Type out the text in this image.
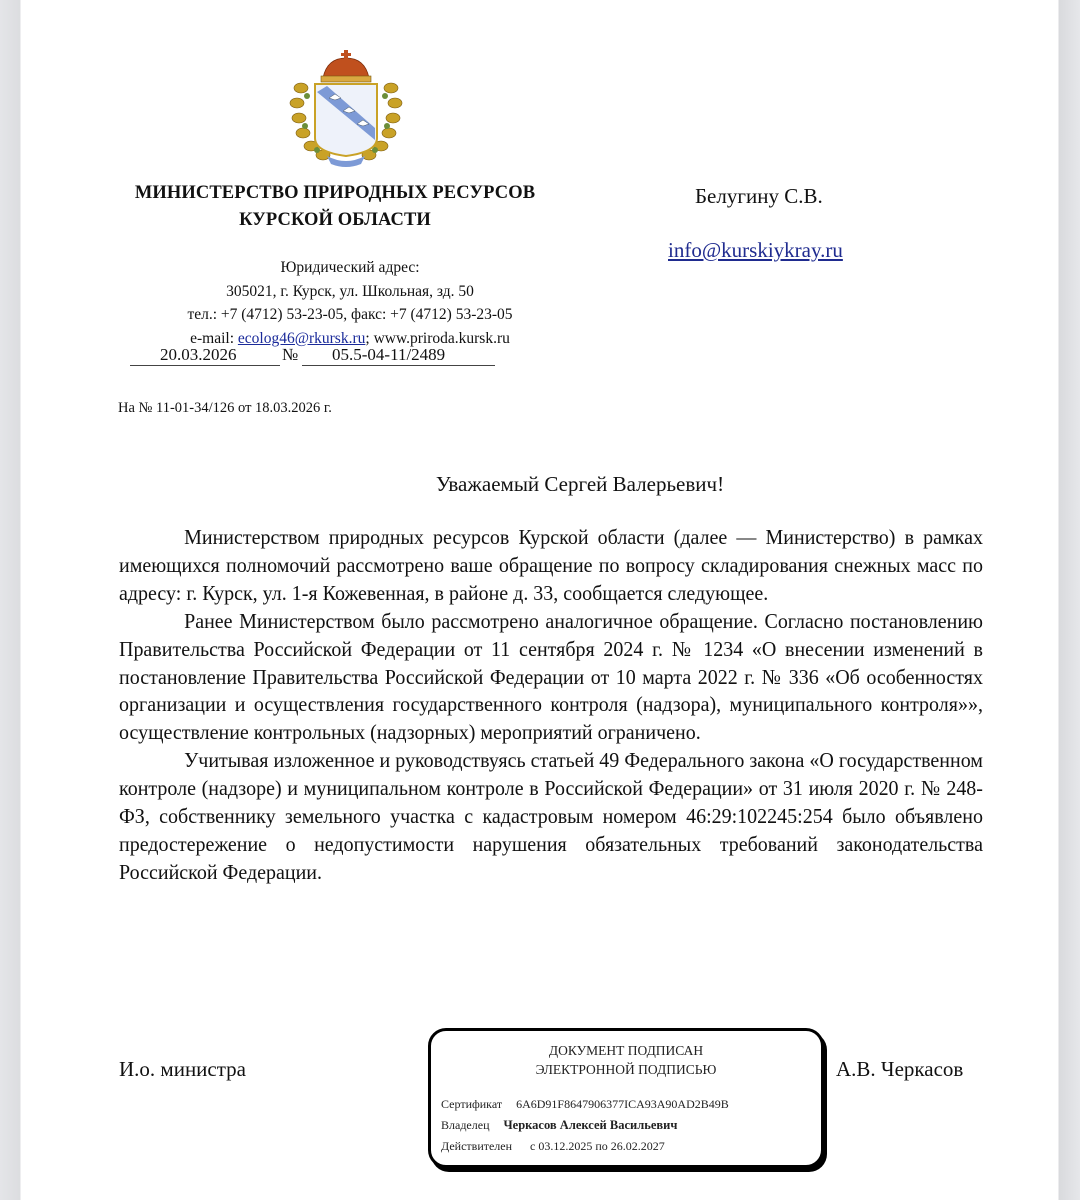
МИНИСТЕРСТВО ПРИРОДНЫХ РЕСУРСОВ
КУРСКОЙ ОБЛАСТИ
Юридический адрес:
305021, г. Курск, ул. Школьная, зд. 50
тел.: +7 (4712) 53-23-05, факс: +7 (4712) 53-23-05
e-mail: ecolog46@rkursk.ru; www.priroda.kursk.ru
20.03.2026	№ 05.5-04-11/2489
На № 11-01-34/126 от 18.03.2026 г.
Белугину С.В.
info@kurskiykray.ru
Уважаемый Сергей Валерьевич!

Министерством природных ресурсов Курской области (далее — Министерство) в рамках имеющихся полномочий рассмотрено ваше обращение по вопросу складирования снежных масс по адресу: г. Курск, ул. 1-я Кожевенная, в районе д. 33, сообщается следующее.

Ранее Министерством было рассмотрено аналогичное обращение. Согласно постановлению Правительства Российской Федерации от 11 сентября 2024 г. № 1234 «О внесении изменений в постановление Правительства Российской Федерации от 10 марта 2022 г. № 336 «Об особенностях организации и осуществления государственного контроля (надзора), муниципального контроля»», осуществление контрольных (надзорных) мероприятий ограничено.

Учитывая изложенное и руководствуясь статьей 49 Федерального закона «О государственном контроле (надзоре) и муниципальном контроле в Российской Федерации» от 31 июля 2020 г. № 248-ФЗ, собственнику земельного участка с кадастровым номером 46:29:102245:254 было объявлено предостережение о недопустимости нарушения обязательных требований законодательства Российской Федерации.

И.о. министра	А.В. Черкасов
ДОКУМЕНТ ПОДПИСАН
ЭЛЕКТРОННОЙ ПОДПИСЬЮ
Сертификат 6A6D91F8647906377ICA93A90AD2B49B
Владелец Черкасов Алексей Васильевич
Действителен с 03.12.2025 по 26.02.2027
